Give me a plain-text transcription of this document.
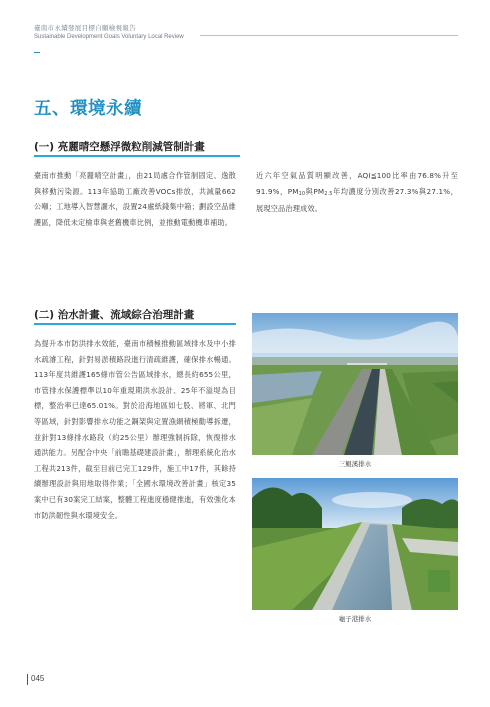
臺南市永續發展目標自願檢視報告
Sustainable Development Goals Voluntary Local Review
五、環境永續
(一) 亮麗晴空懸浮微粒削減管制計畫
臺南市推動「亮麗晴空計畫」，由21局處合作管制固定、逸散與移動污染源。113年協助工廠改善VOCs排放，共減量662公噸；工地導入智慧灑水，設置24處紙錢集中箱；劃設空品維護區，降低未定檢車與老舊機車比例，並推動電動機車補助。
近六年空氣品質明顯改善，AQI≦100比率由76.8%升至91.9%，$PM_{10}$與$PM_{2.5}$年均濃度分別改善27.3%與27.1%，展現空品治理成效。
(二) 治水計畫、流域綜合治理計畫
為提升本市防洪排水效能，臺南市積極推動區域排水及中小排水疏濬工程，針對易淤積路段進行清疏維護，確保排水暢通。113年度共維護165條市管公告區域排水，總長約655公里，市管排水保護標準以10年重現期洪水設計、25年不溢堤為目標，整治率已達65.01%。對於沿海地區如七股、將軍、北門等區域，針對影響排水功能之鋼架與定置漁網積極勸導拆遷，並針對13條排水路段（約25公里）辦理強制拆除，恢復排水通洪能力。另配合中央「前瞻基礎建設計畫」，辦理系統化治水工程共213件，截至目前已完工129件，施工中17件，其餘持續辦理設計與用地取得作業；「全國水環境改善計畫」核定35案中已有30案完工結案，整體工程進度穩健推進，有效強化本市防洪韌性與水環境安全。
三鯤溪排水
龜子港排水
045
